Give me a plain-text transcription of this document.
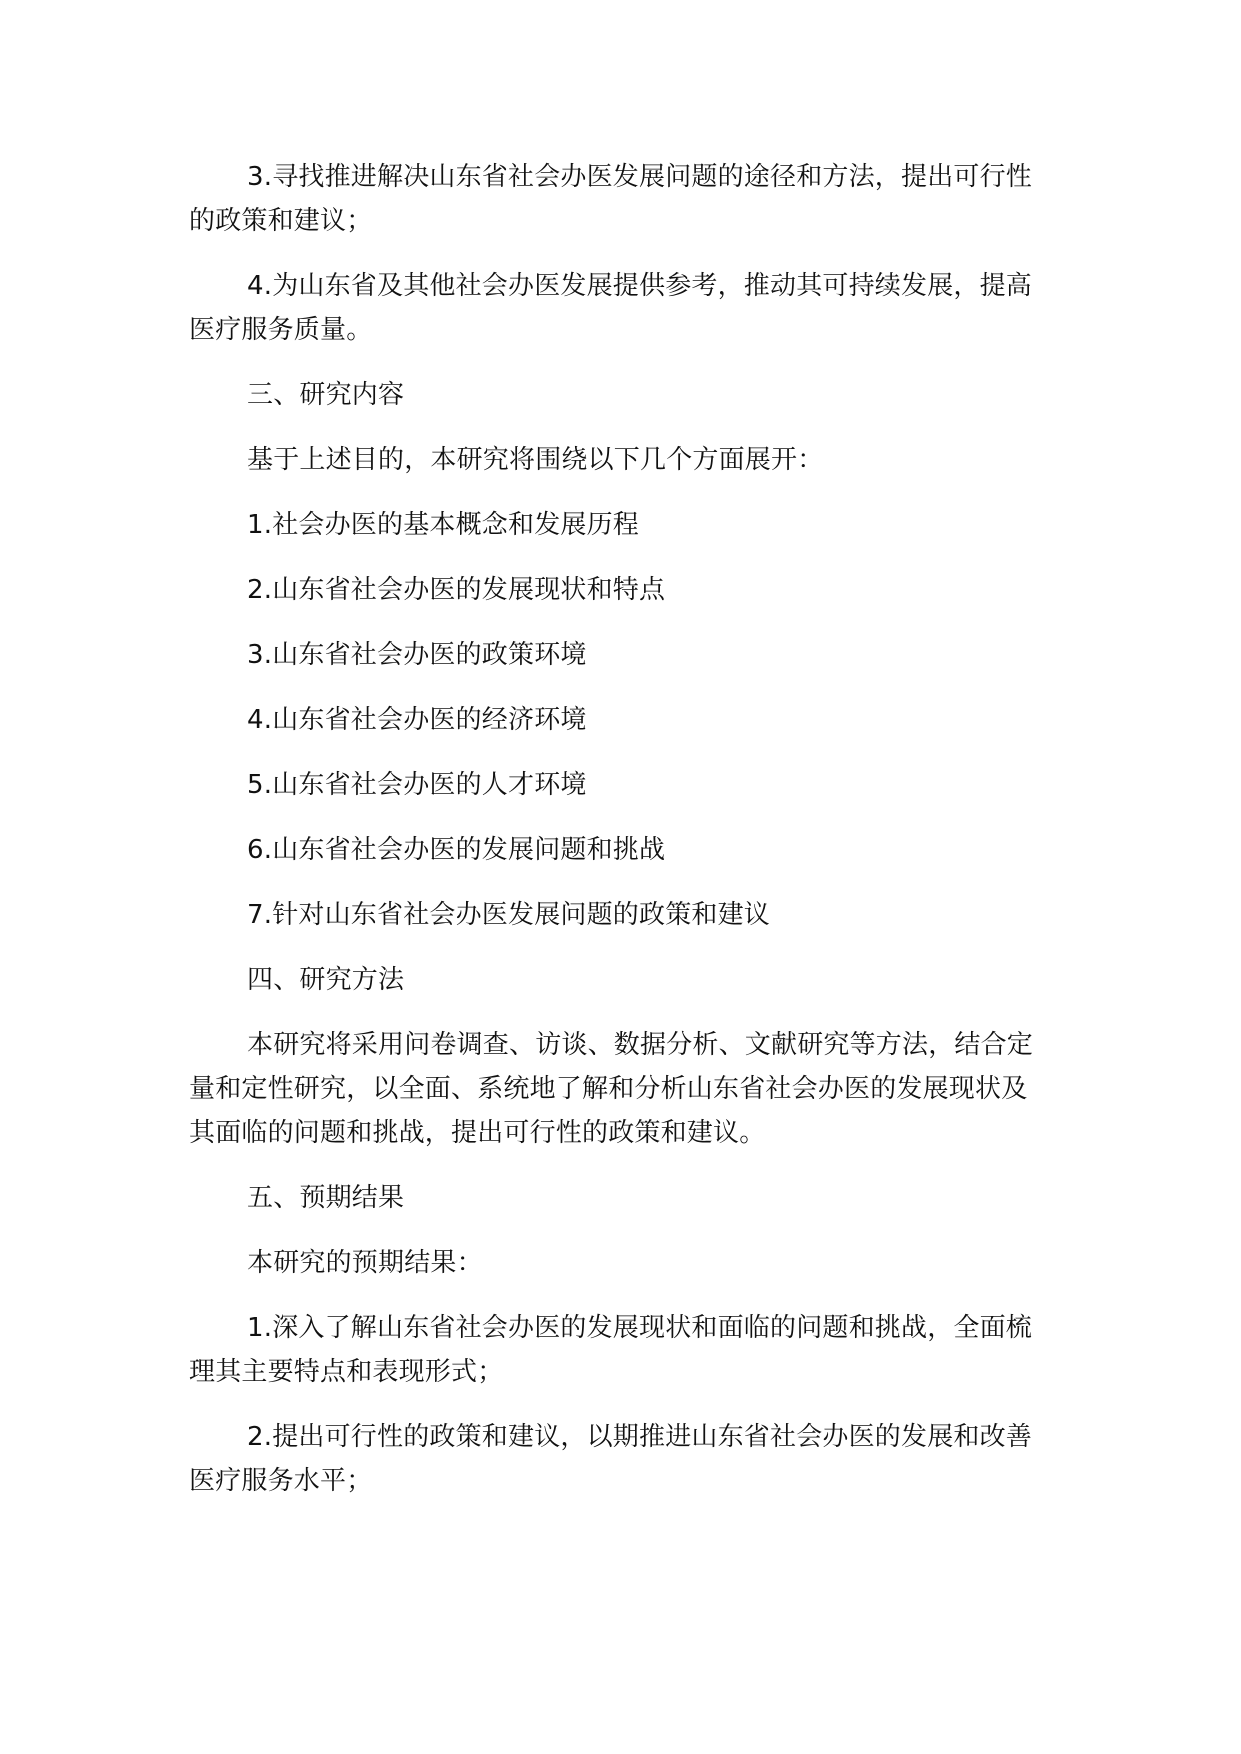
3.寻找推进解决山东省社会办医发展问题的途径和方法，提出可行性的政策和建议；

4.为山东省及其他社会办医发展提供参考，推动其可持续发展，提高医疗服务质量。

三、研究内容

基于上述目的，本研究将围绕以下几个方面展开：

1.社会办医的基本概念和发展历程

2.山东省社会办医的发展现状和特点

3.山东省社会办医的政策环境

4.山东省社会办医的经济环境

5.山东省社会办医的人才环境

6.山东省社会办医的发展问题和挑战

7.针对山东省社会办医发展问题的政策和建议

四、研究方法

本研究将采用问卷调查、访谈、数据分析、文献研究等方法，结合定量和定性研究，以全面、系统地了解和分析山东省社会办医的发展现状及其面临的问题和挑战，提出可行性的政策和建议。

五、预期结果

本研究的预期结果：

1.深入了解山东省社会办医的发展现状和面临的问题和挑战，全面梳理其主要特点和表现形式；

2.提出可行性的政策和建议，以期推进山东省社会办医的发展和改善医疗服务水平；
